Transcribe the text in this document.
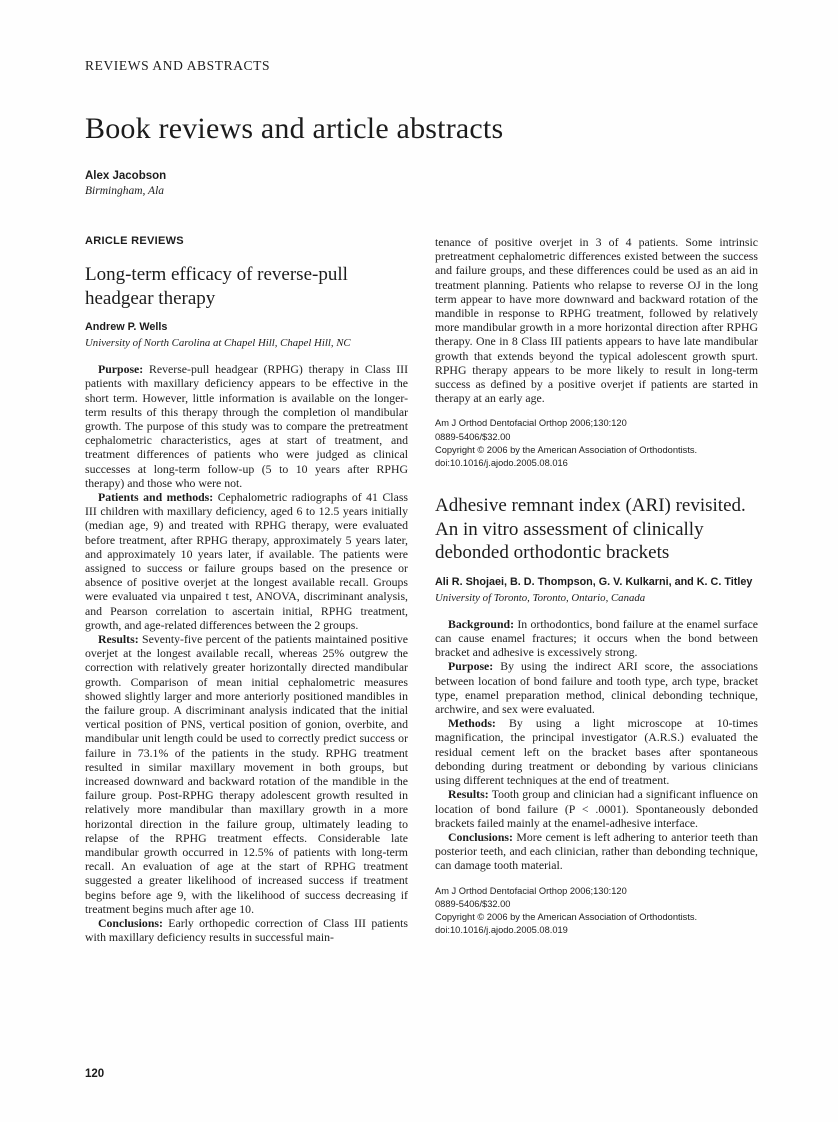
REVIEWS AND ABSTRACTS

Book reviews and article abstracts

Alex Jacobson

Birmingham, Ala

ARICLE REVIEWS

Long-term efficacy of reverse-pull headgear therapy

Andrew P. Wells

University of North Carolina at Chapel Hill, Chapel Hill, NC

Purpose: Reverse-pull headgear (RPHG) therapy in Class III patients with maxillary deficiency appears to be effective in the short term. However, little information is available on the longer-term results of this therapy through the completion ol mandibular growth. The purpose of this study was to compare the pretreatment cephalometric characteristics, ages at start of treatment, and treatment differences of patients who were judged as clinical successes at long-term follow-up (5 to 10 years after RPHG therapy) and those who were not.

Patients and methods: Cephalometric radiographs of 41 Class III children with maxillary deficiency, aged 6 to 12.5 years initially (median age, 9) and treated with RPHG therapy, were evaluated before treatment, after RPHG therapy, approximately 5 years later, and approximately 10 years later, if available. The patients were assigned to success or failure groups based on the presence or absence of positive overjet at the longest available recall. Groups were evaluated via unpaired t test, ANOVA, discriminant analysis, and Pearson correlation to ascertain initial, RPHG treatment, growth, and age-related differences between the 2 groups.

Results: Seventy-five percent of the patients maintained positive overjet at the longest available recall, whereas 25% outgrew the correction with relatively greater horizontally directed mandibular growth. Comparison of mean initial cephalometric measures showed slightly larger and more anteriorly positioned mandibles in the failure group. A discriminant analysis indicated that the initial vertical position of PNS, vertical position of gonion, overbite, and mandibular unit length could be used to correctly predict success or failure in 73.1% of the patients in the study. RPHG treatment resulted in similar maxillary movement in both groups, but increased downward and backward rotation of the mandible in the failure group. Post-RPHG therapy adolescent growth resulted in relatively more mandibular than maxillary growth in a more horizontal direction in the failure group, ultimately leading to relapse of the RPHG treatment effects. Considerable late mandibular growth occurred in 12.5% of patients with long-term recall. An evaluation of age at the start of RPHG treatment suggested a greater likelihood of increased success if treatment begins before age 9, with the likelihood of success decreasing if treatment begins much after age 10.

Conclusions: Early orthopedic correction of Class III patients with maxillary deficiency results in successful main-

tenance of positive overjet in 3 of 4 patients. Some intrinsic pretreatment cephalometric differences existed between the success and failure groups, and these differences could be used as an aid in treatment planning. Patients who relapse to reverse OJ in the long term appear to have more downward and backward rotation of the mandible in response to RPHG treatment, followed by relatively more mandibular growth in a more horizontal direction after RPHG therapy. One in 8 Class III patients appears to have late mandibular growth that extends beyond the typical adolescent growth spurt. RPHG therapy appears to be more likely to result in long-term success as defined by a positive overjet if patients are started in therapy at an early age.

Am J Orthod Dentofacial Orthop 2006;130:120
0889-5406/$32.00
Copyright © 2006 by the American Association of Orthodontists.
doi:10.1016/j.ajodo.2005.08.016
Adhesive remnant index (ARI) revisited. An in vitro assessment of clinically debonded orthodontic brackets

Ali R. Shojaei, B. D. Thompson, G. V. Kulkarni, and K. C. Titley

University of Toronto, Toronto, Ontario, Canada

Background: In orthodontics, bond failure at the enamel surface can cause enamel fractures; it occurs when the bond between bracket and adhesive is excessively strong.

Purpose: By using the indirect ARI score, the associations between location of bond failure and tooth type, arch type, bracket type, enamel preparation method, clinical debonding technique, archwire, and sex were evaluated.

Methods: By using a light microscope at 10-times magnification, the principal investigator (A.R.S.) evaluated the residual cement left on the bracket bases after spontaneous debonding during treatment or debonding by various clinicians using different techniques at the end of treatment.

Results: Tooth group and clinician had a significant influence on location of bond failure (P < .0001). Spontaneously debonded brackets failed mainly at the enamel-adhesive interface.

Conclusions: More cement is left adhering to anterior teeth than posterior teeth, and each clinician, rather than debonding technique, can damage tooth material.

Am J Orthod Dentofacial Orthop 2006;130:120
0889-5406/$32.00
Copyright © 2006 by the American Association of Orthodontists.
doi:10.1016/j.ajodo.2005.08.019
120
